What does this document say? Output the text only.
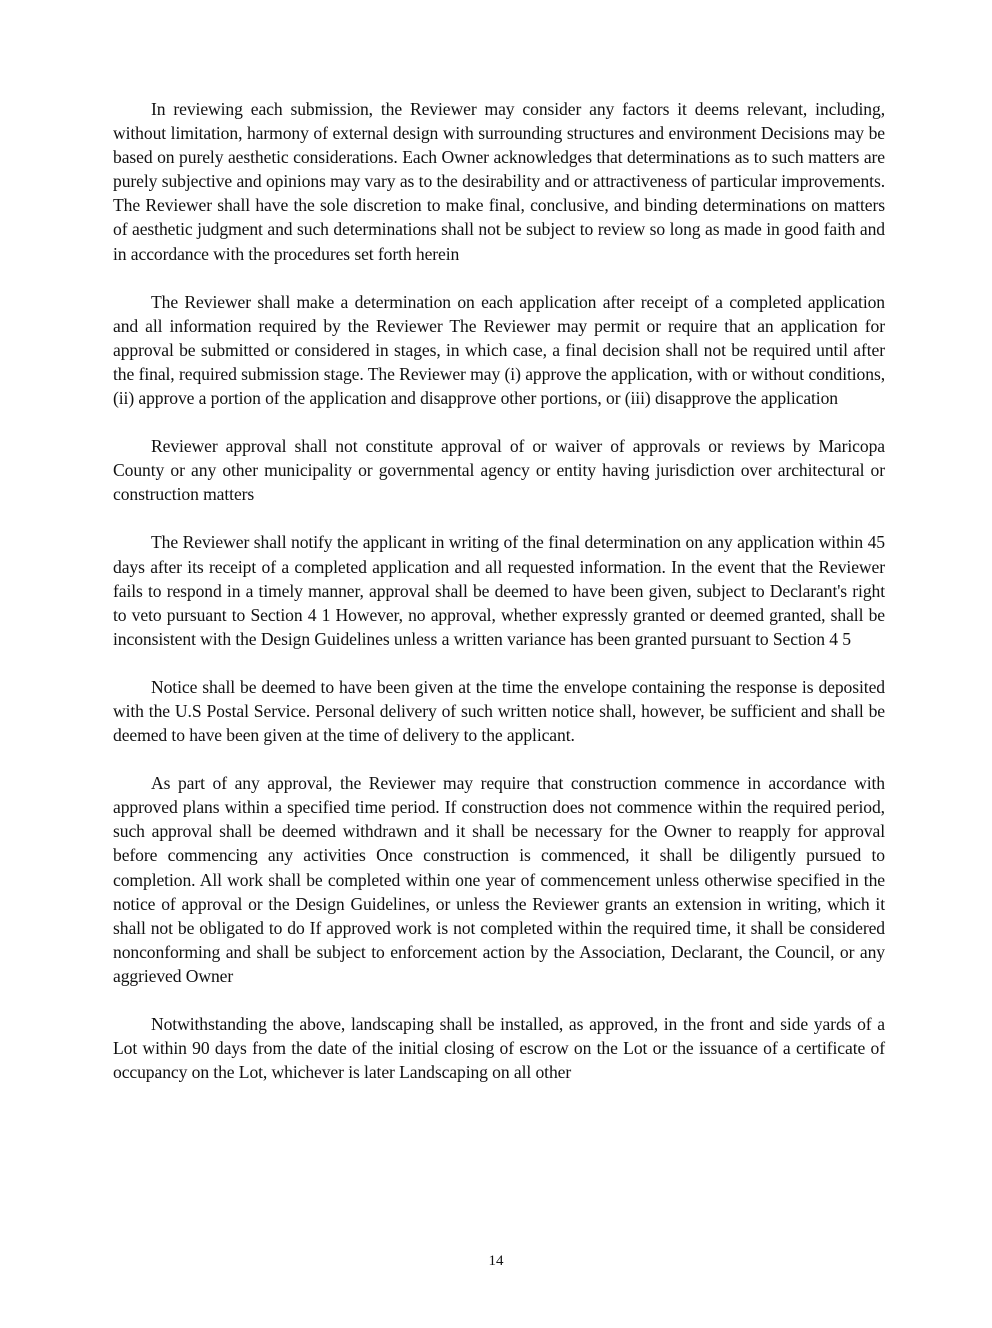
In reviewing each submission, the Reviewer may consider any factors it deems relevant, including, without limitation, harmony of external design with surrounding structures and environment Decisions may be based on purely aesthetic considerations. Each Owner acknowledges that determinations as to such matters are purely subjective and opinions may vary as to the desirability and or attractiveness of particular improvements. The Reviewer shall have the sole discretion to make final, conclusive, and binding determinations on matters of aesthetic judgment and such determinations shall not be subject to review so long as made in good faith and in accordance with the procedures set forth herein

The Reviewer shall make a determination on each application after receipt of a completed application and all information required by the Reviewer The Reviewer may permit or require that an application for approval be submitted or considered in stages, in which case, a final decision shall not be required until after the final, required submission stage. The Reviewer may (i) approve the application, with or without conditions, (ii) approve a portion of the application and disapprove other portions, or (iii) disapprove the application

Reviewer approval shall not constitute approval of or waiver of approvals or reviews by Maricopa County or any other municipality or governmental agency or entity having jurisdiction over architectural or construction matters

The Reviewer shall notify the applicant in writing of the final determination on any application within 45 days after its receipt of a completed application and all requested information. In the event that the Reviewer fails to respond in a timely manner, approval shall be deemed to have been given, subject to Declarant's right to veto pursuant to Section 4 1 However, no approval, whether expressly granted or deemed granted, shall be inconsistent with the Design Guidelines unless a written variance has been granted pursuant to Section 4 5

Notice shall be deemed to have been given at the time the envelope containing the response is deposited with the U.S Postal Service. Personal delivery of such written notice shall, however, be sufficient and shall be deemed to have been given at the time of delivery to the applicant.

As part of any approval, the Reviewer may require that construction commence in accordance with approved plans within a specified time period. If construction does not commence within the required period, such approval shall be deemed withdrawn and it shall be necessary for the Owner to reapply for approval before commencing any activities Once construction is commenced, it shall be diligently pursued to completion. All work shall be completed within one year of commencement unless otherwise specified in the notice of approval or the Design Guidelines, or unless the Reviewer grants an extension in writing, which it shall not be obligated to do If approved work is not completed within the required time, it shall be considered nonconforming and shall be subject to enforcement action by the Association, Declarant, the Council, or any aggrieved Owner

Notwithstanding the above, landscaping shall be installed, as approved, in the front and side yards of a Lot within 90 days from the date of the initial closing of escrow on the Lot or the issuance of a certificate of occupancy on the Lot, whichever is later Landscaping on all other

14
